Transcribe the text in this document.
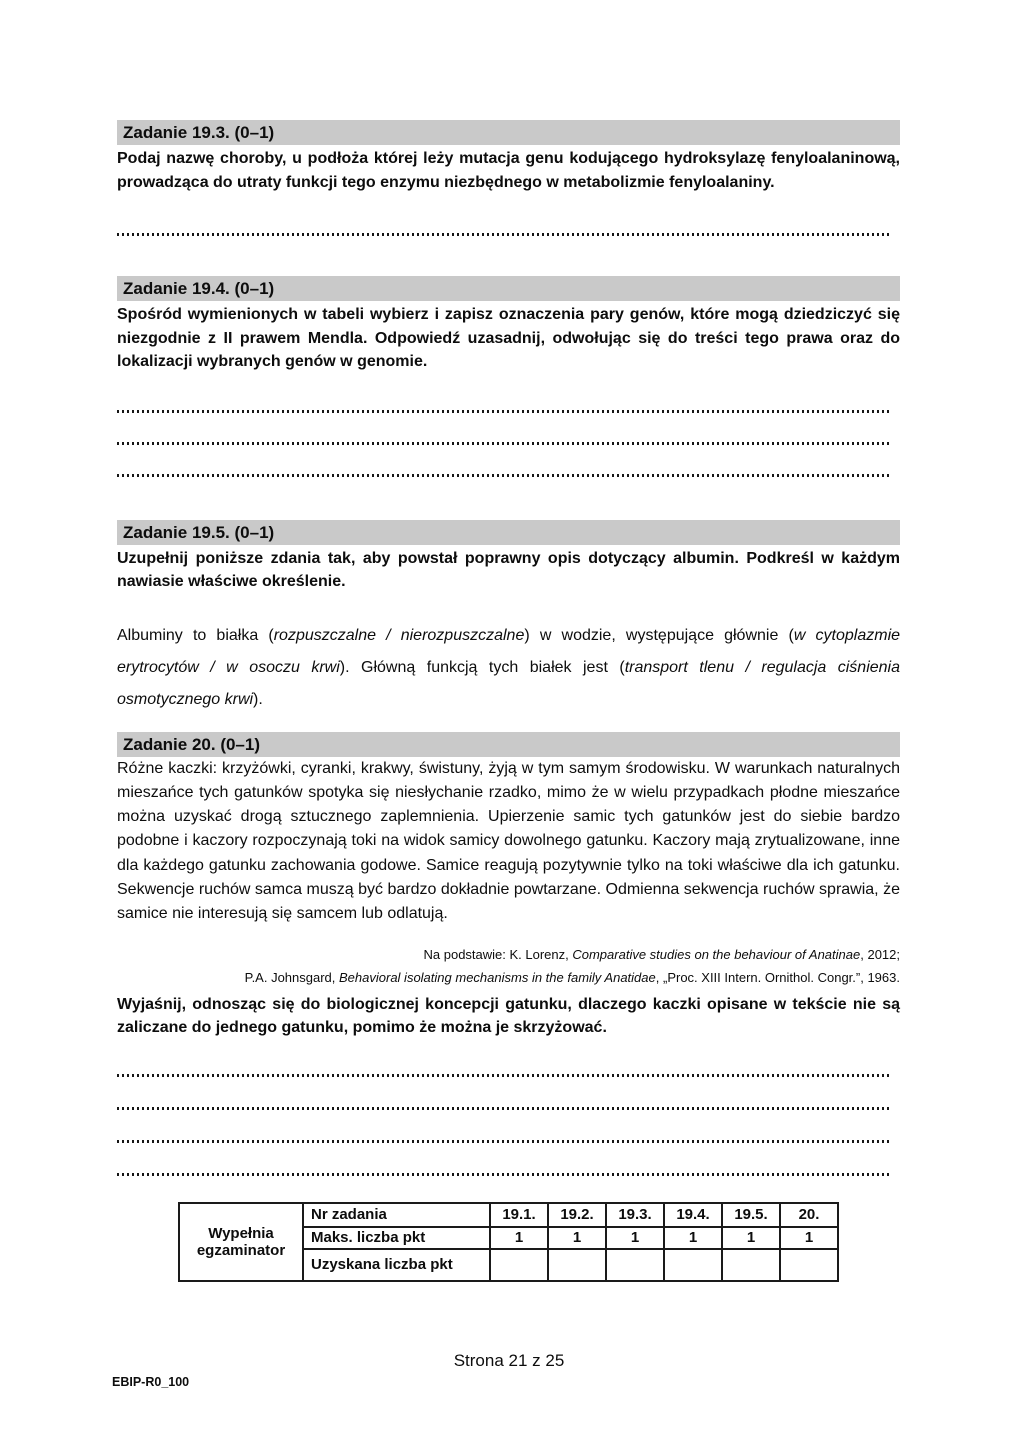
Zadanie 19.3. (0–1)

Podaj nazwę choroby, u podłoża której leży mutacja genu kodującego hydroksylazę fenyloalaninową, prowadząca do utraty funkcji tego enzymu niezbędnego w metabolizmie fenyloalaniny.

Zadanie 19.4. (0–1)

Spośród wymienionych w tabeli wybierz i zapisz oznaczenia pary genów, które mogą dziedziczyć się niezgodnie z II prawem Mendla. Odpowiedź uzasadnij, odwołując się do treści tego prawa oraz do lokalizacji wybranych genów w genomie.

Zadanie 19.5. (0–1)

Uzupełnij poniższe zdania tak, aby powstał poprawny opis dotyczący albumin. Podkreśl w każdym nawiasie właściwe określenie.

Albuminy to białka (rozpuszczalne / nierozpuszczalne) w wodzie, występujące głównie (w cytoplazmie erytrocytów / w osoczu krwi). Główną funkcją tych białek jest (transport tlenu / regulacja ciśnienia osmotycznego krwi).

Zadanie 20. (0–1)

Różne kaczki: krzyżówki, cyranki, krakwy, świstuny, żyją w tym samym środowisku. W warunkach naturalnych mieszańce tych gatunków spotyka się niesłychanie rzadko, mimo że w wielu przypadkach płodne mieszańce można uzyskać drogą sztucznego zaplemnienia. Upierzenie samic tych gatunków jest do siebie bardzo podobne i kaczory rozpoczynają toki na widok samicy dowolnego gatunku. Kaczory mają zrytualizowane, inne dla każdego gatunku zachowania godowe. Samice reagują pozytywnie tylko na toki właściwe dla ich gatunku. Sekwencje ruchów samca muszą być bardzo dokładnie powtarzane. Odmienna sekwencja ruchów sprawia, że samice nie interesują się samcem lub odlatują.

Na podstawie: K. Lorenz, Comparative studies on the behaviour of Anatinae, 2012;
P.A. Johnsgard, Behavioral isolating mechanisms in the family Anatidae, „Proc. XIII Intern. Ornithol. Congr.”, 1963.

Wyjaśnij, odnosząc się do biologicznej koncepcji gatunku, dlaczego kaczki opisane w tekście nie są zaliczane do jednego gatunku, pomimo że można je skrzyżować.

Wypełnia egzaminator	Nr zadania	19.1.	19.2.	19.3.	19.4.	19.5.	20.
	Maks. liczba pkt	1	1	1	1	1	1
	Uzyskana liczba pkt						
Strona 21 z 25
EBIP-R0_100
